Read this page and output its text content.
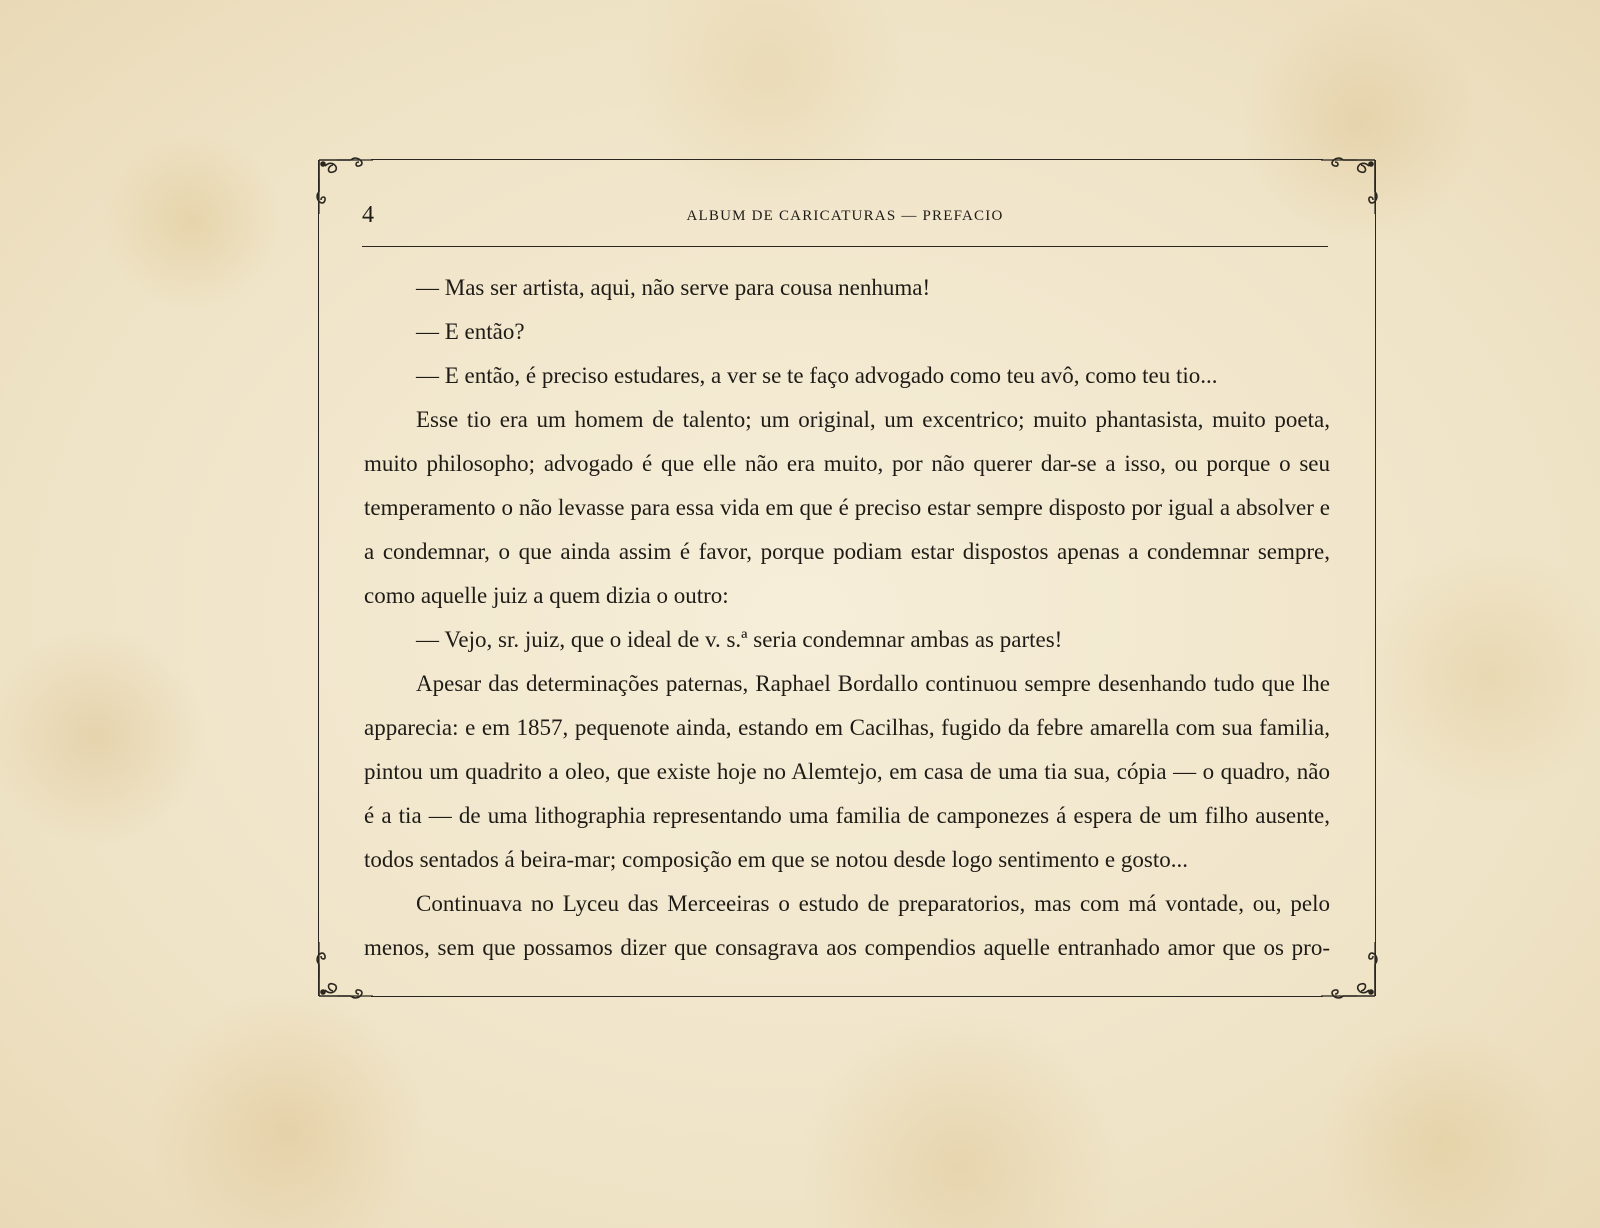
4	ALBUM DE CARICATURAS — PREFACIO

— Mas ser artista, aqui, não serve para cousa nenhuma!

— E então?

— E então, é preciso estudares, a ver se te faço advogado como teu avô, como teu tio...

Esse tio era um homem de talento; um original, um excentrico; muito phantasista, muito poeta, muito philosopho; advogado é que elle não era muito, por não querer dar-se a isso, ou porque o seu temperamento o não levasse para essa vida em que é preciso estar sempre disposto por igual a absolver e a condemnar, o que ainda assim é favor, porque podiam estar dispostos apenas a condemnar sempre, como aquelle juiz a quem dizia o outro:

— Vejo, sr. juiz, que o ideal de v. s.ª seria condemnar ambas as partes!

Apesar das determinações paternas, Raphael Bordallo continuou sempre desenhando tudo que lhe apparecia: e em 1857, pequenote ainda, estando em Cacilhas, fugido da febre amarella com sua familia, pintou um quadrito a oleo, que existe hoje no Alemtejo, em casa de uma tia sua, cópia — o quadro, não é a tia — de uma lithographia representando uma familia de camponezes á espera de um filho ausente, todos sentados á beira-mar; composição em que se notou desde logo sentimento e gosto...

Continuava no Lyceu das Merceeiras o estudo de preparatorios, mas com má vontade, ou, pelo menos, sem que possamos dizer que consagrava aos compendios aquelle entranhado amor que os pro-
